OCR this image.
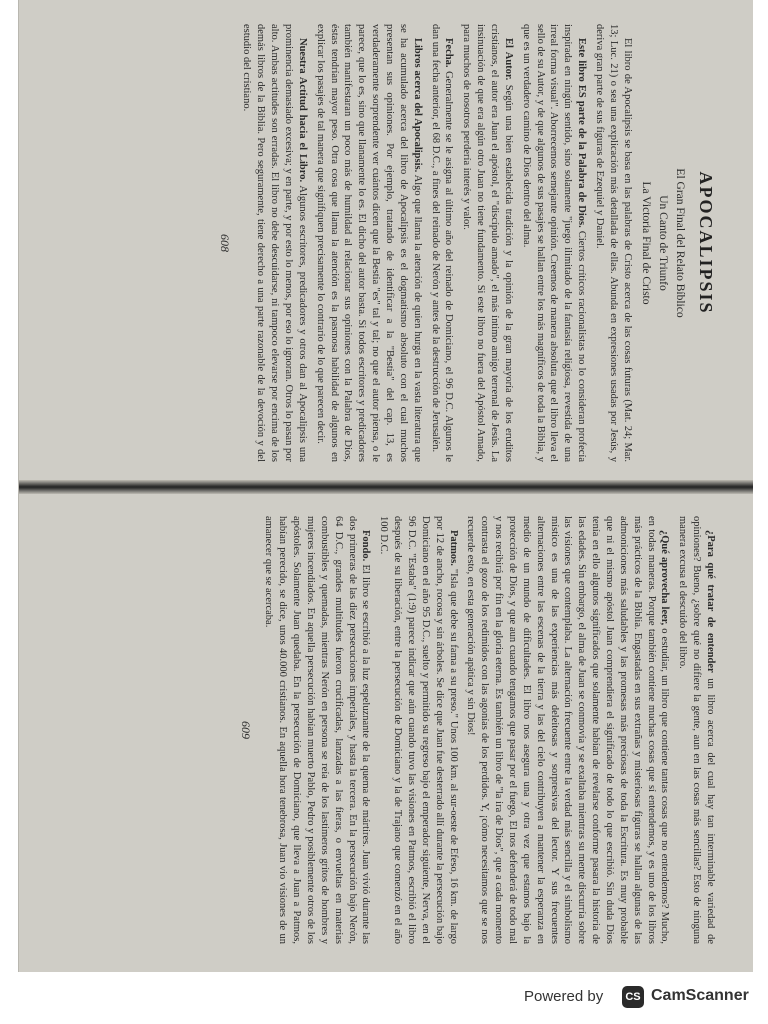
APOCALIPSIS
El Gran Final del Relato Bíblico
Un Canto de Triunfo
La Victoria Final de Cristo
El libro de Apocalipsis se basa en las palabras de Cristo acerca de las cosas futuras (Mat. 24; Mar. 13; Luc. 21) o sea una explicación más detallada de ellas. Abunda en expresiones usadas por Jesús, y deriva gran parte de sus figuras de Ezequiel y Daniel.
Este libro ES parte de la Palabra de Dios. Ciertos críticos racionalistas no lo consideran profecía inspirada en ningún sentido, sino solamente "juego ilimitado de la fantasía religiosa, revestida de una irreal forma visual". Aborrecemos semejante opinión. Creemos de manera absoluta que el libro lleva el sello de su Autor, y de que algunos de sus pasajes se hallan entre los más magníficos de toda la Biblia, y que es un verdadero camino de Dios dentro del alma.
El Autor. Según una bien establecida tradición y la opinión de la gran mayoría de los eruditos cristianos, el autor era Juan el apóstol, el "discípulo amado", el más íntimo amigo terrenal de Jesús. La insinuación de que era algún otro Juan no tiene fundamento. Si este libro no fuera del Apóstol Amado, para muchos de nosotros perdería interés y valor.
Fecha. Generalmente se le asigna al último año del reinado de Domiciano, el 96 D.C. Algunos le dan una fecha anterior, el 68 D.C., a fines del reinado de Nerón y antes de la destrucción de Jerusalén.
Libros acerca del Apocalipsis. Algo que llama la atención de quien hurga en la vasta literatura que se ha acumulado acerca del libro de Apocalipsis es el dogmatismo absoluto con el cual muchos presentan sus opiniones. Por ejemplo, tratando de identificar a la "Bestia" del cap. 13, es verdaderamente sorprendente ver cuántos dicen que la Bestia "es" tal y tal; no que el autor piensa, o le parece, que lo es, sino que llanamente lo es. El dicho del autor basta. Si todos escritores y predicadores también manifestaran un poco más de humildad al relacionar sus opiniones con la Palabra de Dios, éstas tendrían mayor peso. Otra cosa que llama la atención es la pasmosa habilidad de algunos en explicar los pasajes de tal manera que signifiquen precisamente lo contrario de lo que parecen decir.
Nuestra Actitud hacia el Libro. Algunos escritores, predicadores y otros dan al Apocalipsis una prominencia demasiado excesiva; y en parte, y por esto lo menos, por eso lo ignoran. Otros lo pasan por alto. Ambas actitudes son erradas. El libro no debe descuidarse, ni tampoco elevarse por encima de los demás libros de la Biblia. Pero seguramente, tiene derecho a una parte razonable de la devoción y del estudio del cristiano.
608
¿Para qué tratar de entender un libro acerca del cual hay tan interminable variedad de opiniones? Bueno, ¿sobre qué no difiere la gente, aun en las cosas más sencillas? Esto de ninguna manera excusa el descuido del libro.
¿Qué aprovecha leer, o estudiar, un libro que contiene tantas cosas que no entendemos? Mucho, en todas maneras. Porque también contiene muchas cosas que sí entendemos, y es uno de los libros más prácticos de la Biblia. Engastadas en sus extrañas y misteriosas figuras se hallan algunas de las admoniciones más saludables y las promesas más preciosas de toda la Escritura. Es muy probable que ni el mismo apóstol Juan comprendiera el significado de todo lo que escribió. Sin duda Dios tenía en ello algunos significados que solamente habían de revelarse conforme pasara la historia de las edades. Sin embargo, el alma de Juan se conmovía y se exaltaba mientras su mente discurría sobre las visiones que contemplaba. La alternación frecuente entre la verdad más sencilla y el simbolismo místico es una de las experiencias más deleitosas y sorpresivas del lector. Y sus frecuentes alternaciones entre las escenas de la tierra y las del cielo contribuyen a mantener la esperanza en medio de un mundo de dificultades. El libro nos asegura una y otra vez que estamos bajo la protección de Dios, y que aun cuando tengamos que pasar por el fuego, El nos defenderá de todo mal y nos recibirá por fin en la gloria eterna. Es también un libro de "la ira de Dios", que a cada momento contrasta el gozo de los redimidos con las agonías de los perdidos. Y, ¡cómo necesitamos que se nos recuerde esto, en esta generación apática y sin Dios!
Patmos. "Isla que debe su fama a su preso." Unos 100 km. al sur-oeste de Efeso, 16 km. de largo por 12 de ancho, rocosa y sin árboles. Se dice que Juan fue desterrado allí durante la persecución bajo Domiciano en el año 95 D.C., suelto y permitido su regreso bajo el emperador siguiente, Nerva, en el 96 D.C. "Estaba" (1:9) parece indicar que aún cuando tuvo las visiones en Patmos, escribió el libro después de su liberación, entre la persecución de Domiciano y la de Trajano que comenzó en el año 100 D.C.
Fondo. El libro se escribió a la luz espeluznante de la quema de mártires. Juan vivió durante las dos primeras de las diez persecuciones imperiales, y hasta la tercera. En la persecución bajo Nerón, 64 D.C., grandes multitudes fueron crucificadas, lanzadas a las fieras, o envueltas en materias combustibles y quemadas, mientras Nerón en persona se reía de los lastimeros gritos de hombres y mujeres incendiados. En aquella persecución habían muerto Pablo, Pedro y posiblemente otros de los apóstoles. Solamente Juan quedaba. En la persecución de Domiciano, que lleva a Juan a Patmos, habían perecido, se dice, unos 40.000 cristianos. En aquella hora tenebrosa, Juan vio visiones de un amanecer que se acercaba.
609
Powered by	CS CamScanner
